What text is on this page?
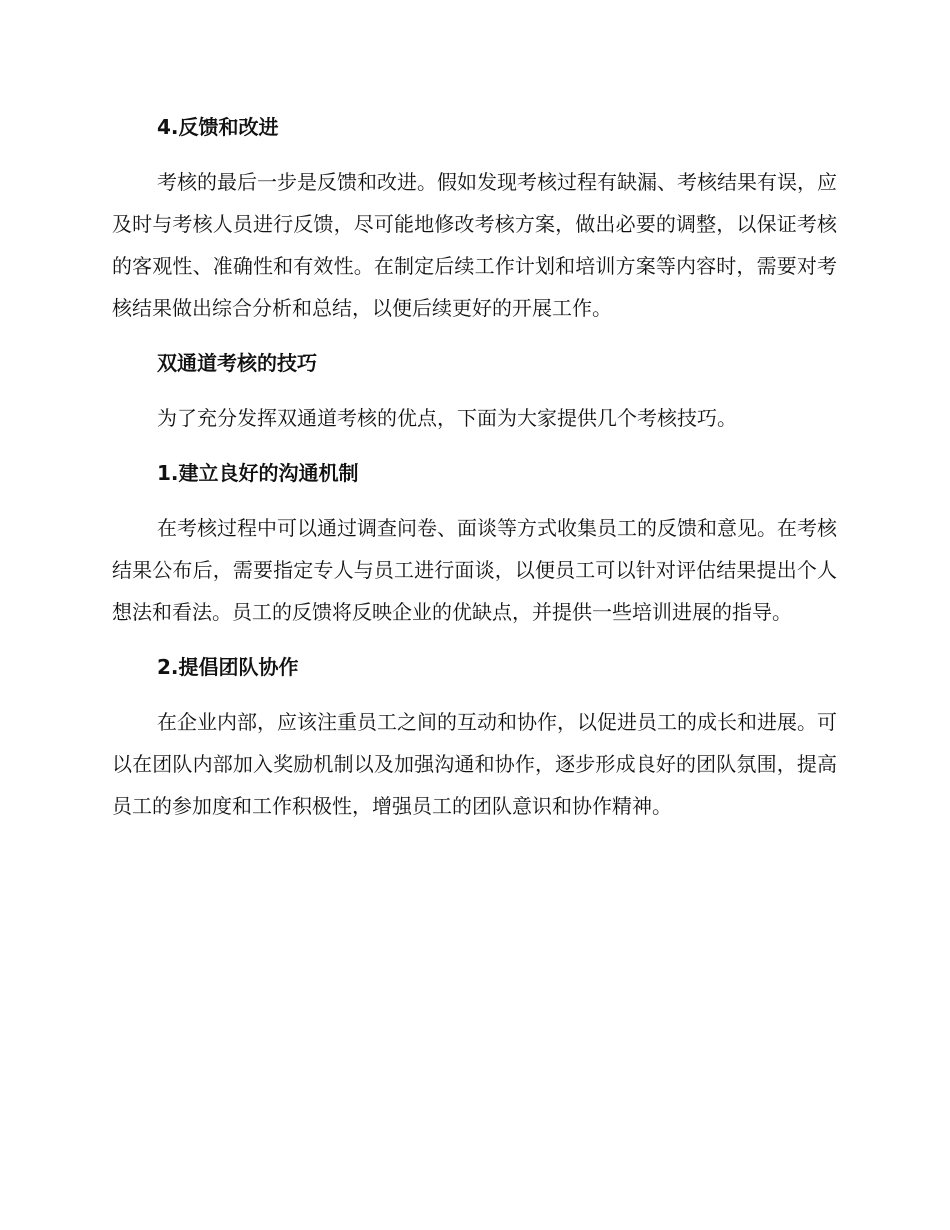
4.反馈和改进

考核的最后一步是反馈和改进。假如发现考核过程有缺漏、考核结果有误，应及时与考核人员进行反馈，尽可能地修改考核方案，做出必要的调整，以保证考核的客观性、准确性和有效性。在制定后续工作计划和培训方案等内容时，需要对考核结果做出综合分析和总结，以便后续更好的开展工作。

双通道考核的技巧

为了充分发挥双通道考核的优点，下面为大家提供几个考核技巧。

1.建立良好的沟通机制

在考核过程中可以通过调查问卷、面谈等方式收集员工的反馈和意见。在考核结果公布后，需要指定专人与员工进行面谈，以便员工可以针对评估结果提出个人想法和看法。员工的反馈将反映企业的优缺点，并提供一些培训进展的指导。

2.提倡团队协作

在企业内部，应该注重员工之间的互动和协作，以促进员工的成长和进展。可以在团队内部加入奖励机制以及加强沟通和协作，逐步形成良好的团队氛围，提高员工的参加度和工作积极性，增强员工的团队意识和协作精神。
